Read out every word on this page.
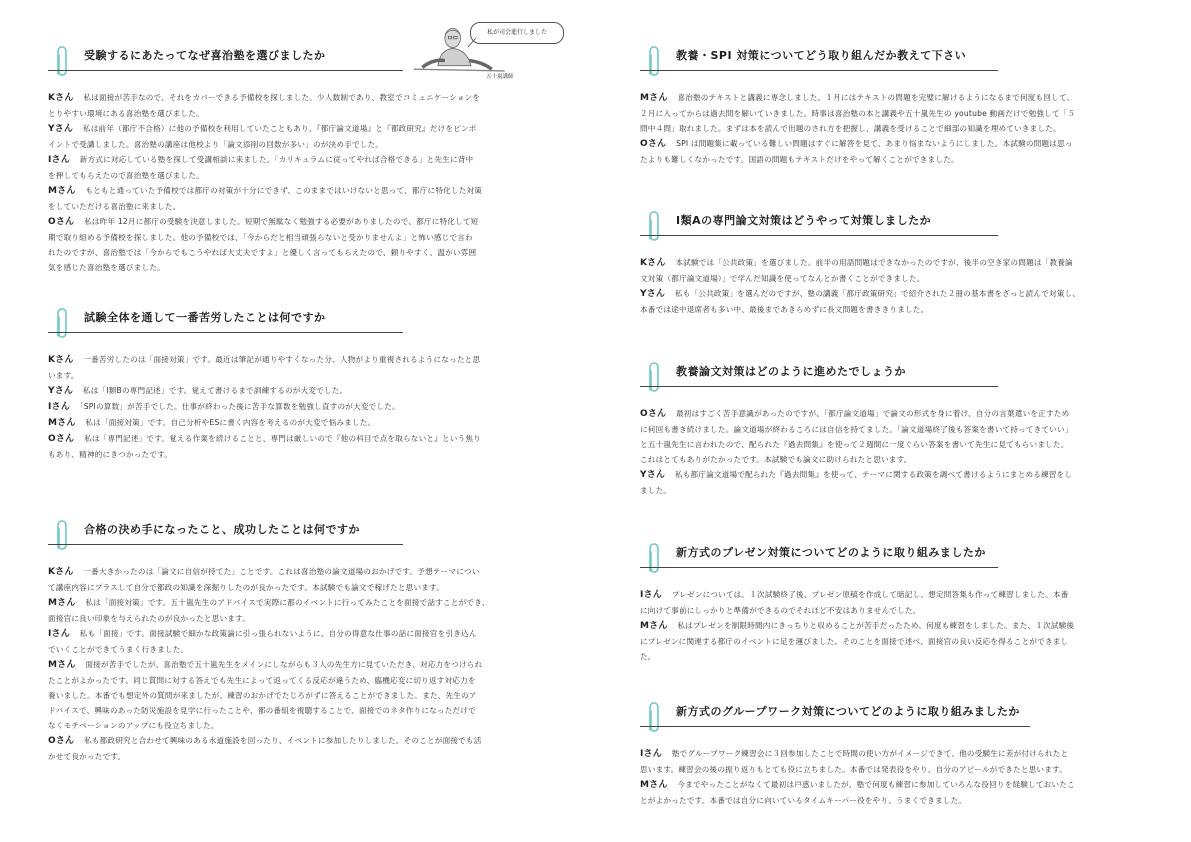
私が司会進行しました
五十嵐講師
受験するにあたってなぜ喜治塾を選びましたか
Kさん　 私は面接が苦手なので、それをカバーできる予備校を探しました。少人数制であり、教室でコミュニケーションを
とりやすい環境にある喜治塾を選びました。
Yさん　 私は前年（都庁不合格）に他の予備校を利用していたこともあり、『都庁論文道場』と『都政研究』だけをピンポ
イントで受講しました。喜治塾の講座は他校より「論文添削の回数が多い」のが決め手でした。
Iさん　 新方式に対応している塾を探して受講相談に来ました。「カリキュラムに従ってやれば合格できる」と先生に背中
を押してもらえたので喜治塾を選びました。
Mさん　 もともと通っていた予備校では都庁の対策が十分にできず、このままではいけないと思って、都庁に特化した対策
をしていただける喜治塾に来ました。
Oさん　 私は昨年 12月に都庁の受験を決意しました。短期で無駄なく勉強する必要がありましたので、都庁に特化して短
期で取り組める予備校を探しました。他の予備校では、「今からだと相当頑張らないと受かりませんよ」と怖い感じで言わ
れたのですが、喜治塾では「今からでもこうやれば大丈夫ですよ」と優しく言ってもらえたので、頼りやすく、温かい雰囲
気を感じた喜治塾を選びました。
試験全体を通して一番苦労したことは何ですか
Kさん　 一番苦労したのは「面接対策」です。最近は筆記が通りやすくなった分、人物がより重視されるようになったと思
います。
Yさん　 私は「I類Bの専門記述」です。覚えて書けるまで訓練するのが大変でした。
Iさん　 「SPIの算数」が苦手でした。仕事が終わった後に苦手な算数を勉強し直すのが大変でした。
Mさん　 私は「面接対策」です。自己分析やESに書く内容を考えるのが大変で悩みました。
Oさん　 私は「専門記述」です。覚える作業を続けることと、専門は厳しいので『他の科目で点を取らないと』という焦り
もあり、精神的にきつかったです。
合格の決め手になったこと、成功したことは何ですか
Kさん　 一番大きかったのは「論文に自信が持てた」ことです。これは喜治塾の論文道場のおかげです。予想テーマについ
て講座内容にプラスして自分で都政の知識を深掘りしたのが良かったです。本試験でも論文で稼げたと思います。
Mさん　 私は「面接対策」です。五十嵐先生のアドバイスで実際に都のイベントに行ってみたことを面接で話すことができ、
面接官に良い印象を与えられたのが良かったと思います。
Iさん　 私も「面接」です。面接試験で細かな政策論に引っ張られないように、自分の得意な仕事の話に面接官を引き込ん
でいくことができてうまく行きました。
Mさん　 面接が苦手でしたが、喜治塾で五十嵐先生をメインにしながらも３人の先生方に見ていただき、対応力をつけられ
たことがよかったです。同じ質問に対する答えでも先生によって返ってくる反応が違うため、臨機応変に切り返す対応力を
養いました。本番でも想定外の質問が来ましたが、練習のおかげでたじろがずに答えることができました。また、先生のア
ドバイスで、興味のあった防災施設を見学に行ったことや、都の番組を視聴することで、面接でのネタ作りになっただけで
なくモチベーションのアップにも役立ちました。
Oさん　 私も都政研究と合わせて興味のある水道施設を回ったり、イベントに参加したりしました。そのことが面接でも活
かせて良かったです。
教養・SPI 対策についてどう取り組んだか教えて下さい
Mさん　 喜治塾のテキストと講義に専念しました。１月にはテキストの問題を完璧に解けるようになるまで何度も回して、
２月に入ってからは過去問を解いていきました。時事は喜治塾の本と講義や五十嵐先生の youtube 動画だけで勉強して「５
問中４問」取れました。まずは本を読んで出題のされ方を把握し、講義を受けることで細部の知識を埋めていきました。
Oさん　 SPI は問題集に載っている難しい問題はすぐに解答を見て、あまり悩まないようにしました。本試験の問題は思っ
たよりも難しくなかったです。国語の問題もテキストだけをやって解くことができました。
Ⅰ類Aの専門論文対策はどうやって対策しましたか
Kさん　 本試験では「公共政策」を選びました。前半の用語問題はできなかったのですが、後半の空き家の問題は「教養論
文対策（都庁論文道場）」で学んだ知識を使ってなんとか書くことができました。
Yさん　 私も「公共政策」を選んだのですが、塾の講義「都庁政策研究」で紹介された２冊の基本書をざっと読んで対策し、
本番では途中退席者も多い中、最後まであきらめずに長文問題を書ききりました。
教養論文対策はどのように進めたでしょうか
Oさん　 最初はすごく苦手意識があったのですが、「都庁論文道場」で論文の形式を身に着け、自分の言葉遣いを正すため
に何回も書き続けました。論文道場が終わるころには自信を持てました。「論文道場終了後も答案を書いて持ってきていい」
と五十嵐先生に言われたので、配られた『過去問集』を使って２週間に一度ぐらい答案を書いて先生に見てもらいました。
これはとてもありがたかったです。本試験でも論文に助けられたと思います。
Yさん　 私も都庁論文道場で配られた『過去問集』を使って、テーマに関する政策を調べて書けるようにまとめる練習をし
ました。
新方式のプレゼン対策についてどのように取り組みましたか
Iさん　 プレゼンについては、１次試験終了後、プレゼン原稿を作成して暗記し、想定問答集も作って練習しました。本番
に向けて事前にしっかりと準備ができるのでそれほど不安はありませんでした。
Mさん　 私はプレゼンを制限時間内にきっちりと収めることが苦手だったため、何度も練習をしました。また、１次試験後
にプレゼンに関連する都庁のイベントに足を運びました。そのことを面接で述べ、面接官の良い反応を得ることができまし
た。
新方式のグループワーク対策についてどのように取り組みましたか
Iさん　 塾でグループワーク練習会に３回参加したことで時間の使い方がイメージできて、他の受験生に差が付けられたと
思います。練習会の後の振り返りもとても役に立ちました。本番では発表役をやり、自分のアピールができたと思います。
Mさん　 今までやったことがなくて最初は戸惑いましたが、塾で何度も練習に参加していろんな役回りを経験しておいたこ
とがよかったです。本番では自分に向いているタイムキーパー役をやり、うまくできました。
